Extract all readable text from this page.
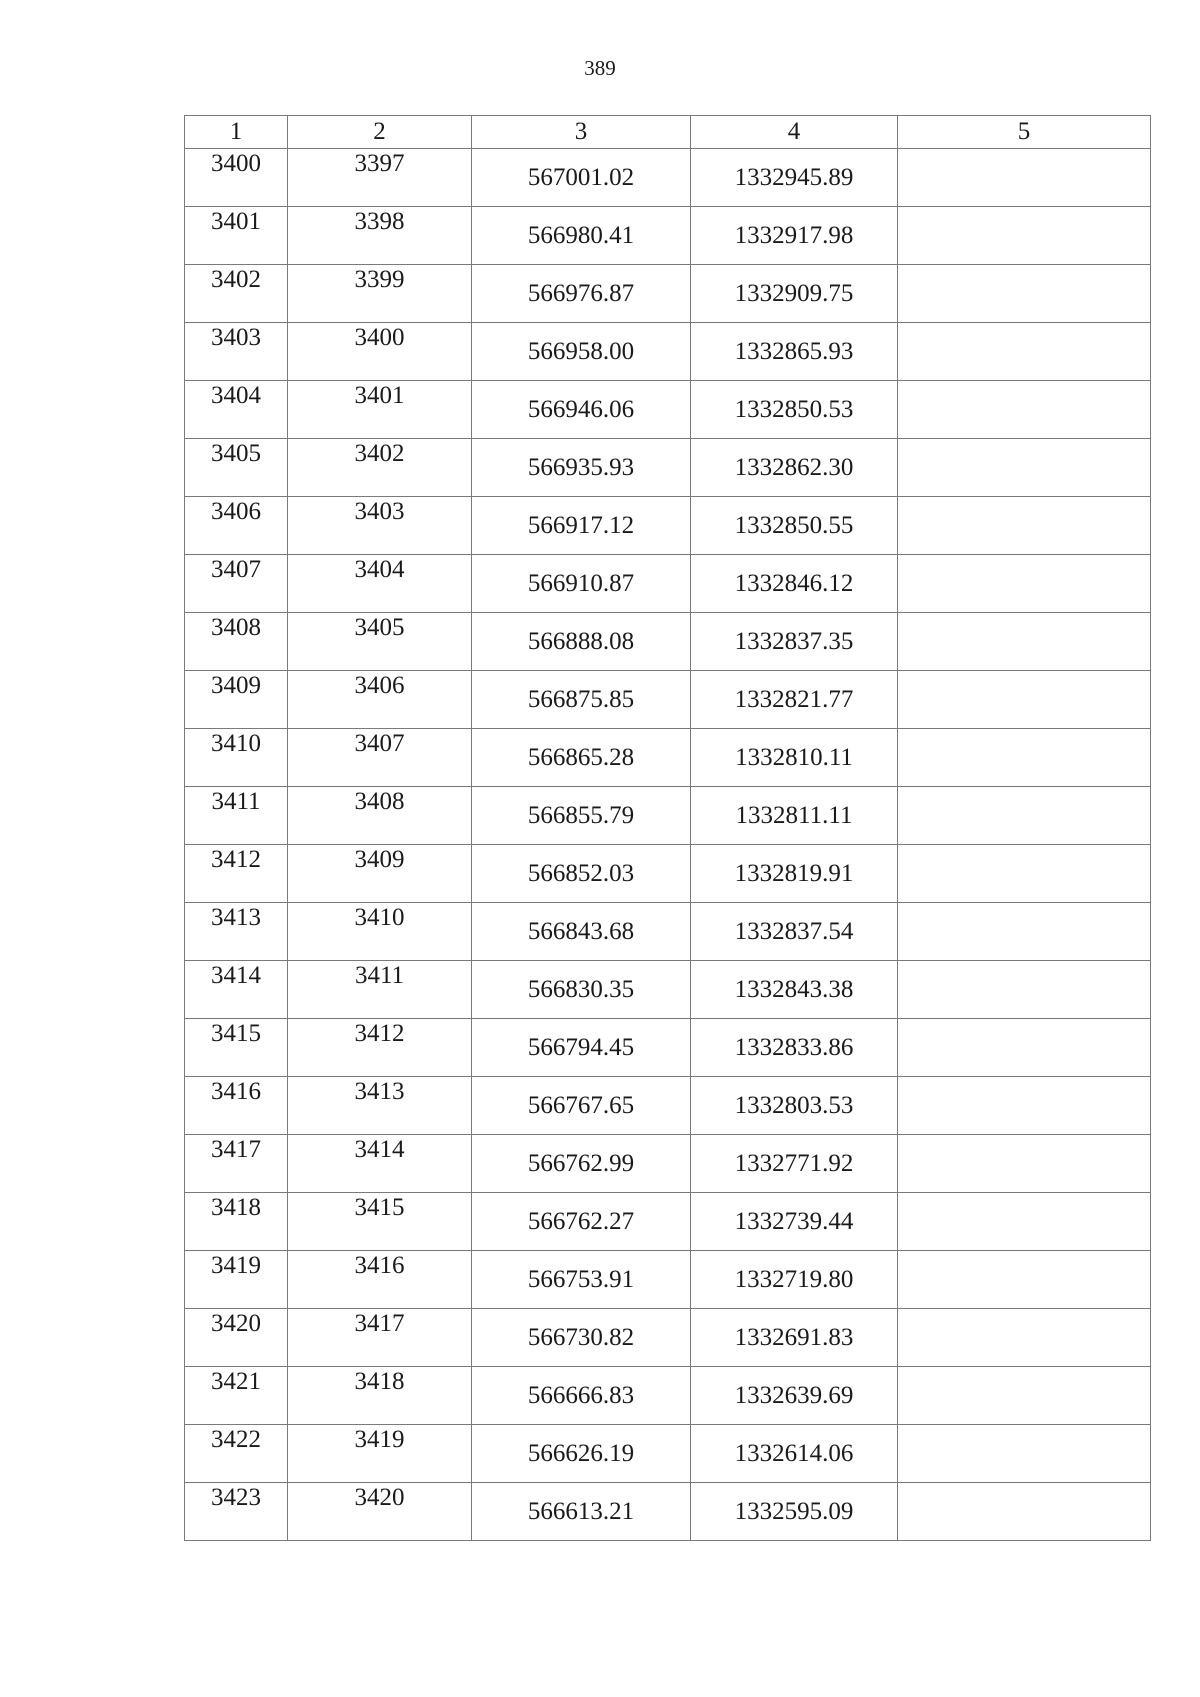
389
1	2	3	4	5
3400	3397	567001.02	1332945.89	
3401	3398	566980.41	1332917.98	
3402	3399	566976.87	1332909.75	
3403	3400	566958.00	1332865.93	
3404	3401	566946.06	1332850.53	
3405	3402	566935.93	1332862.30	
3406	3403	566917.12	1332850.55	
3407	3404	566910.87	1332846.12	
3408	3405	566888.08	1332837.35	
3409	3406	566875.85	1332821.77	
3410	3407	566865.28	1332810.11	
3411	3408	566855.79	1332811.11	
3412	3409	566852.03	1332819.91	
3413	3410	566843.68	1332837.54	
3414	3411	566830.35	1332843.38	
3415	3412	566794.45	1332833.86	
3416	3413	566767.65	1332803.53	
3417	3414	566762.99	1332771.92	
3418	3415	566762.27	1332739.44	
3419	3416	566753.91	1332719.80	
3420	3417	566730.82	1332691.83	
3421	3418	566666.83	1332639.69	
3422	3419	566626.19	1332614.06	
3423	3420	566613.21	1332595.09	
